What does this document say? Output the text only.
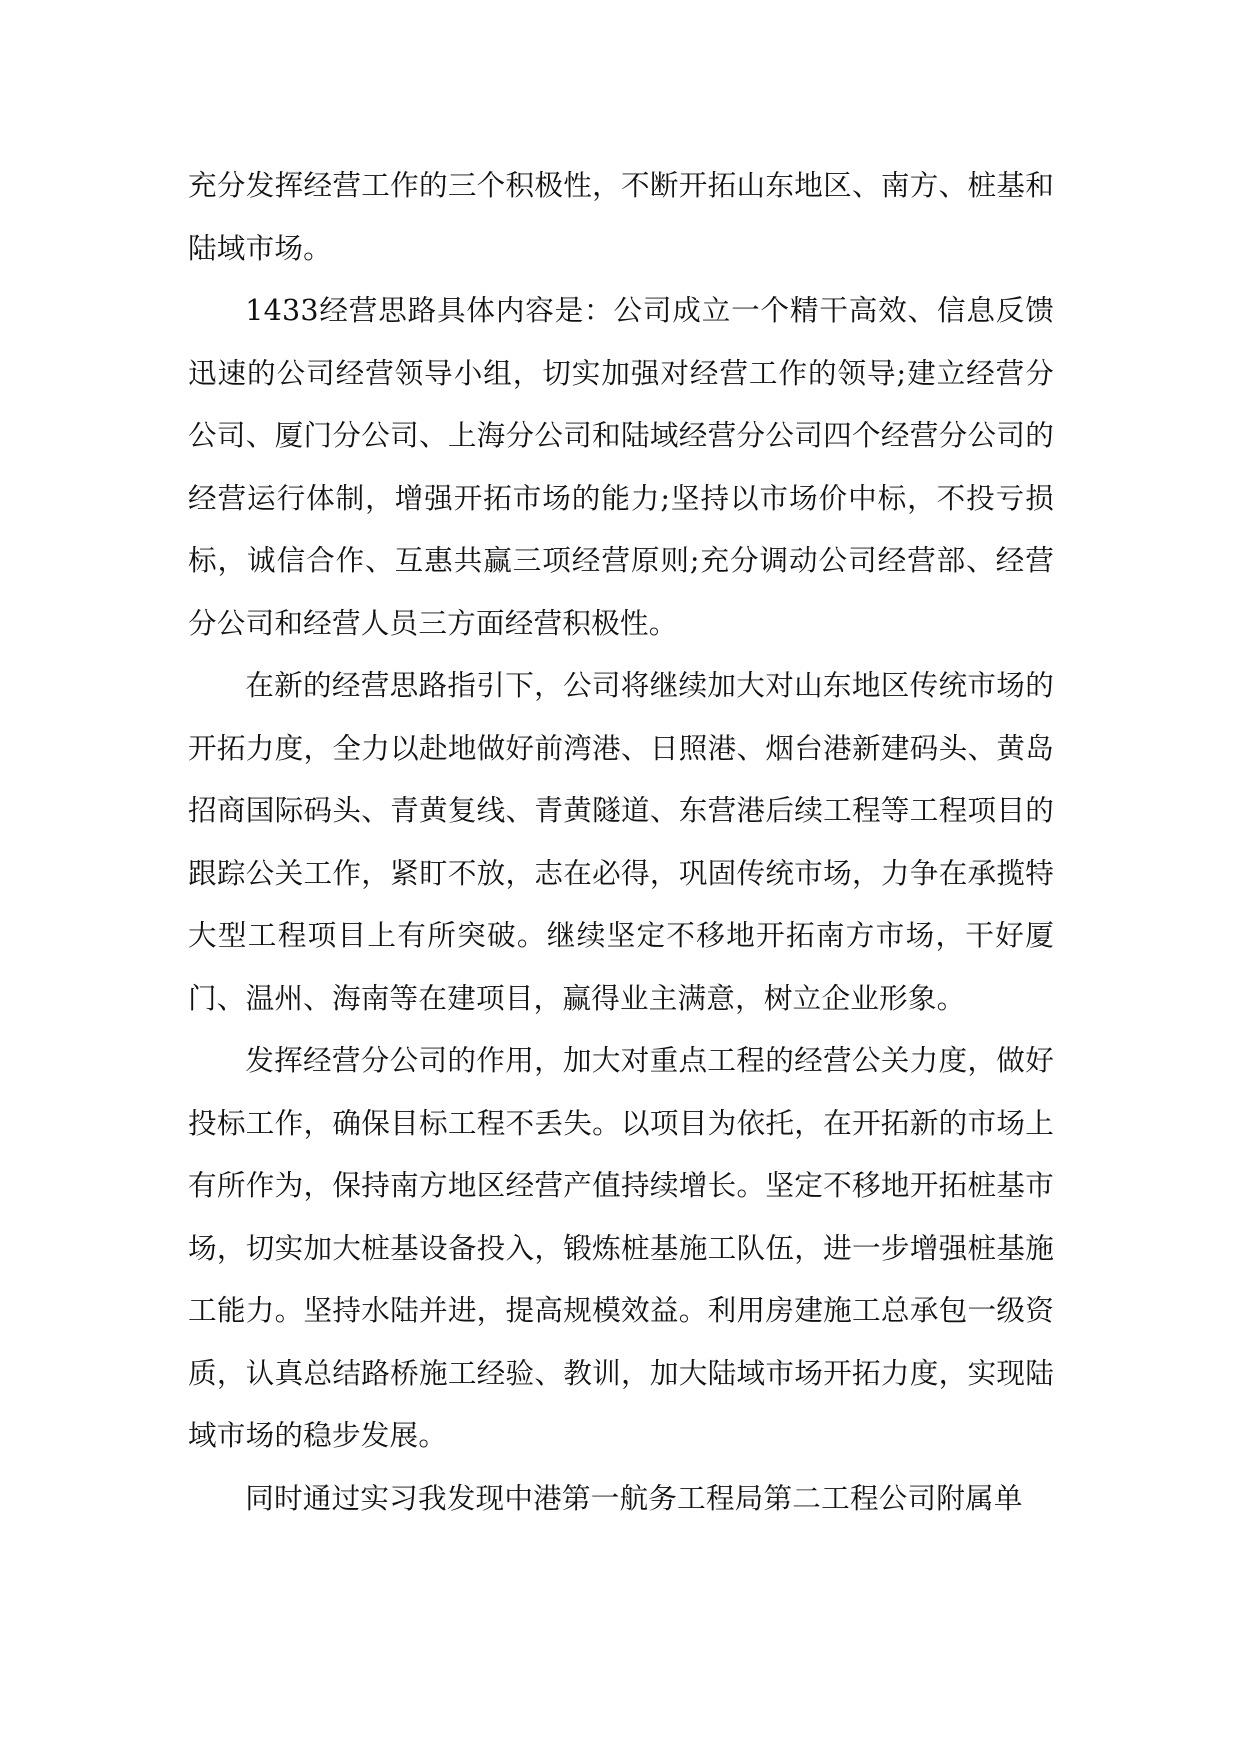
充分发挥经营工作的三个积极性，不断开拓山东地区、南方、桩基和陆域市场。

1433经营思路具体内容是：公司成立一个精干高效、信息反馈迅速的公司经营领导小组，切实加强对经营工作的领导;建立经营分公司、厦门分公司、上海分公司和陆域经营分公司四个经营分公司的经营运行体制，增强开拓市场的能力;坚持以市场价中标，不投亏损标，诚信合作、互惠共赢三项经营原则;充分调动公司经营部、经营分公司和经营人员三方面经营积极性。

在新的经营思路指引下，公司将继续加大对山东地区传统市场的开拓力度，全力以赴地做好前湾港、日照港、烟台港新建码头、黄岛招商国际码头、青黄复线、青黄隧道、东营港后续工程等工程项目的跟踪公关工作，紧盯不放，志在必得，巩固传统市场，力争在承揽特大型工程项目上有所突破。继续坚定不移地开拓南方市场，干好厦门、温州、海南等在建项目，赢得业主满意，树立企业形象。

发挥经营分公司的作用，加大对重点工程的经营公关力度，做好投标工作，确保目标工程不丢失。以项目为依托，在开拓新的市场上有所作为，保持南方地区经营产值持续增长。坚定不移地开拓桩基市场，切实加大桩基设备投入，锻炼桩基施工队伍，进一步增强桩基施工能力。坚持水陆并进，提高规模效益。利用房建施工总承包一级资质，认真总结路桥施工经验、教训，加大陆域市场开拓力度，实现陆域市场的稳步发展。

同时通过实习我发现中港第一航务工程局第二工程公司附属单
